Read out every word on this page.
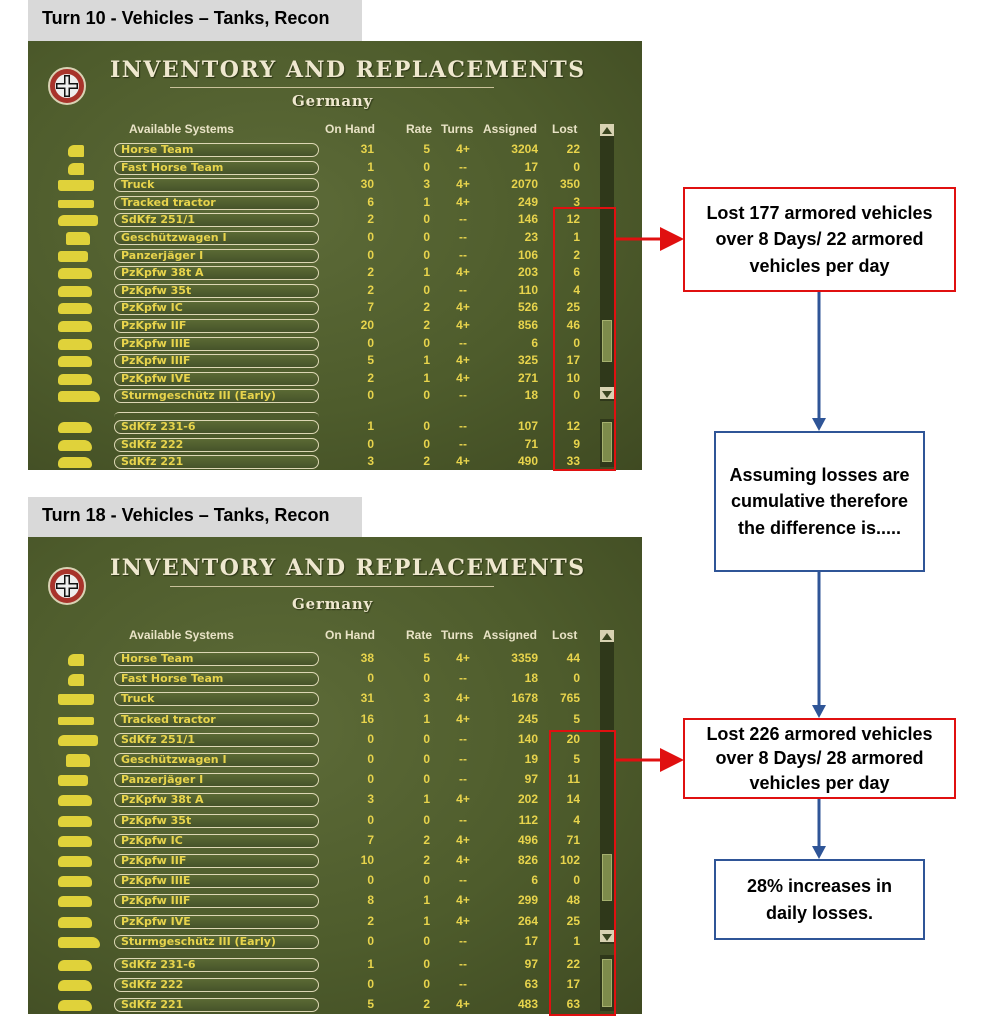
Turn 10 - Vehicles – Tanks, Recon
INVENTORY AND REPLACEMENTS
Germany
Available Systems	On Hand	Rate Turns Assigned Lost
Horse Team	31	5	4+	3204	22
Fast Horse Team	1	0	--	17	0
Truck	30	3	4+	2070	350
Tracked tractor	6	1	4+	249	3
SdKfz 251/1	2	0	--	146	12
Geschützwagen I	0	0	--	23	1
Panzerjäger I	0	0	--	106	2
PzKpfw 38t A	2	1	4+	203	6
PzKpfw 35t	2	0	--	110	4
PzKpfw IC	7	2	4+	526	25
PzKpfw IIF	20	2	4+	856	46
PzKpfw IIIE	0	0	--	6	0
PzKpfw IIIF	5	1	4+	325	17
PzKpfw IVE	2	1	4+	271	10
Sturmgeschütz III (Early)	0	0	--	18	0
SdKfz 231-6	1	0	--	107	12
SdKfz 222	0	0	--	71	9
SdKfz 221	3	2	4+	490	33
Turn 18 - Vehicles – Tanks, Recon
INVENTORY AND REPLACEMENTS
Germany
Available Systems	On Hand	Rate Turns Assigned Lost
Horse Team	38	5	4+	3359	44
Fast Horse Team	0	0	--	18	0
Truck	31	3	4+	1678	765
Tracked tractor	16	1	4+	245	5
SdKfz 251/1	0	0	--	140	20
Geschützwagen I	0	0	--	19	5
Panzerjäger I	0	0	--	97	11
PzKpfw 38t A	3	1	4+	202	14
PzKpfw 35t	0	0	--	112	4
PzKpfw IC	7	2	4+	496	71
PzKpfw IIF	10	2	4+	826	102
PzKpfw IIIE	0	0	--	6	0
PzKpfw IIIF	8	1	4+	299	48
PzKpfw IVE	2	1	4+	264	25
Sturmgeschütz III (Early)	0	0	--	17	1
SdKfz 231-6	1	0	--	97	22
SdKfz 222	0	0	--	63	17
SdKfz 221	5	2	4+	483	63
Lost 177 armored vehicles over 8 Days/ 22 armored vehicles per day
Assuming losses are cumulative therefore the difference is.....
Lost 226 armored vehicles over 8 Days/ 28 armored vehicles per day
28% increases in daily losses.
